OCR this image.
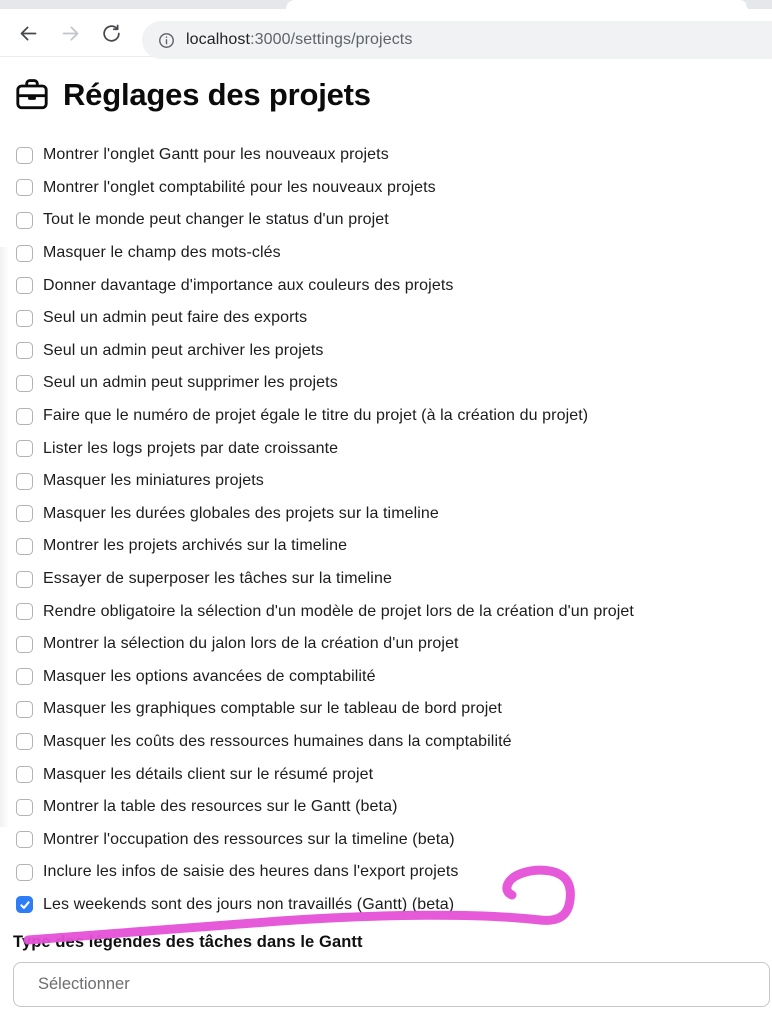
localhost:3000/settings/projects
Réglages des projets
Montrer l'onglet Gantt pour les nouveaux projets
Montrer l'onglet comptabilité pour les nouveaux projets
Tout le monde peut changer le status d'un projet
Masquer le champ des mots-clés
Donner davantage d'importance aux couleurs des projets
Seul un admin peut faire des exports
Seul un admin peut archiver les projets
Seul un admin peut supprimer les projets
Faire que le numéro de projet égale le titre du projet (à la création du projet)
Lister les logs projets par date croissante
Masquer les miniatures projets
Masquer les durées globales des projets sur la timeline
Montrer les projets archivés sur la timeline
Essayer de superposer les tâches sur la timeline
Rendre obligatoire la sélection d'un modèle de projet lors de la création d'un projet
Montrer la sélection du jalon lors de la création d'un projet
Masquer les options avancées de comptabilité
Masquer les graphiques comptable sur le tableau de bord projet
Masquer les coûts des ressources humaines dans la comptabilité
Masquer les détails client sur le résumé projet
Montrer la table des resources sur le Gantt (beta)
Montrer l'occupation des ressources sur la timeline (beta)
Inclure les infos de saisie des heures dans l'export projets
Les weekends sont des jours non travaillés (Gantt) (beta)
Type des légendes des tâches dans le Gantt
Sélectionner
